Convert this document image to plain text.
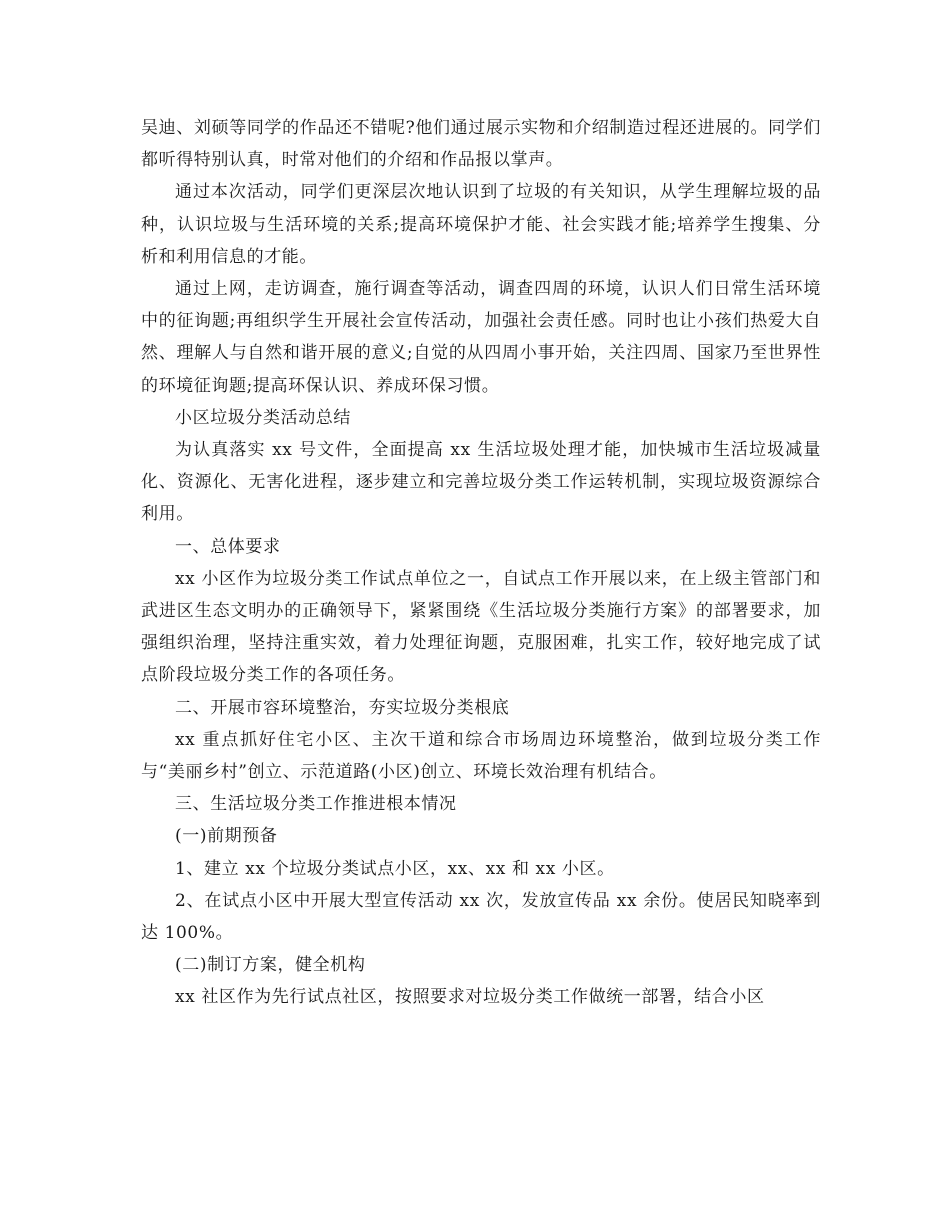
吴迪、刘硕等同学的作品还不错呢?他们通过展示实物和介绍制造过程还进展的。同学们都听得特别认真，时常对他们的介绍和作品报以掌声。

通过本次活动，同学们更深层次地认识到了垃圾的有关知识，从学生理解垃圾的品种，认识垃圾与生活环境的关系;提高环境保护才能、社会实践才能;培养学生搜集、分析和利用信息的才能。

通过上网，走访调查，施行调查等活动，调查四周的环境，认识人们日常生活环境中的征询题;再组织学生开展社会宣传活动，加强社会责任感。同时也让小孩们热爱大自然、理解人与自然和谐开展的意义;自觉的从四周小事开始，关注四周、国家乃至世界性的环境征询题;提高环保认识、养成环保习惯。

小区垃圾分类活动总结

为认真落实 xx 号文件，全面提高 xx 生活垃圾处理才能，加快城市生活垃圾减量化、资源化、无害化进程，逐步建立和完善垃圾分类工作运转机制，实现垃圾资源综合利用。

一、总体要求

xx 小区作为垃圾分类工作试点单位之一，自试点工作开展以来，在上级主管部门和武进区生态文明办的正确领导下，紧紧围绕《生活垃圾分类施行方案》的部署要求，加强组织治理，坚持注重实效，着力处理征询题，克服困难，扎实工作，较好地完成了试点阶段垃圾分类工作的各项任务。

二、开展市容环境整治，夯实垃圾分类根底

xx 重点抓好住宅小区、主次干道和综合市场周边环境整治，做到垃圾分类工作与“美丽乡村”创立、示范道路(小区)创立、环境长效治理有机结合。

三、生活垃圾分类工作推进根本情况

(一)前期预备

1、建立 xx 个垃圾分类试点小区，xx、xx 和 xx 小区。

2、在试点小区中开展大型宣传活动 xx 次，发放宣传品 xx 余份。使居民知晓率到达 100%。

(二)制订方案，健全机构

xx 社区作为先行试点社区，按照要求对垃圾分类工作做统一部署，结合小区
